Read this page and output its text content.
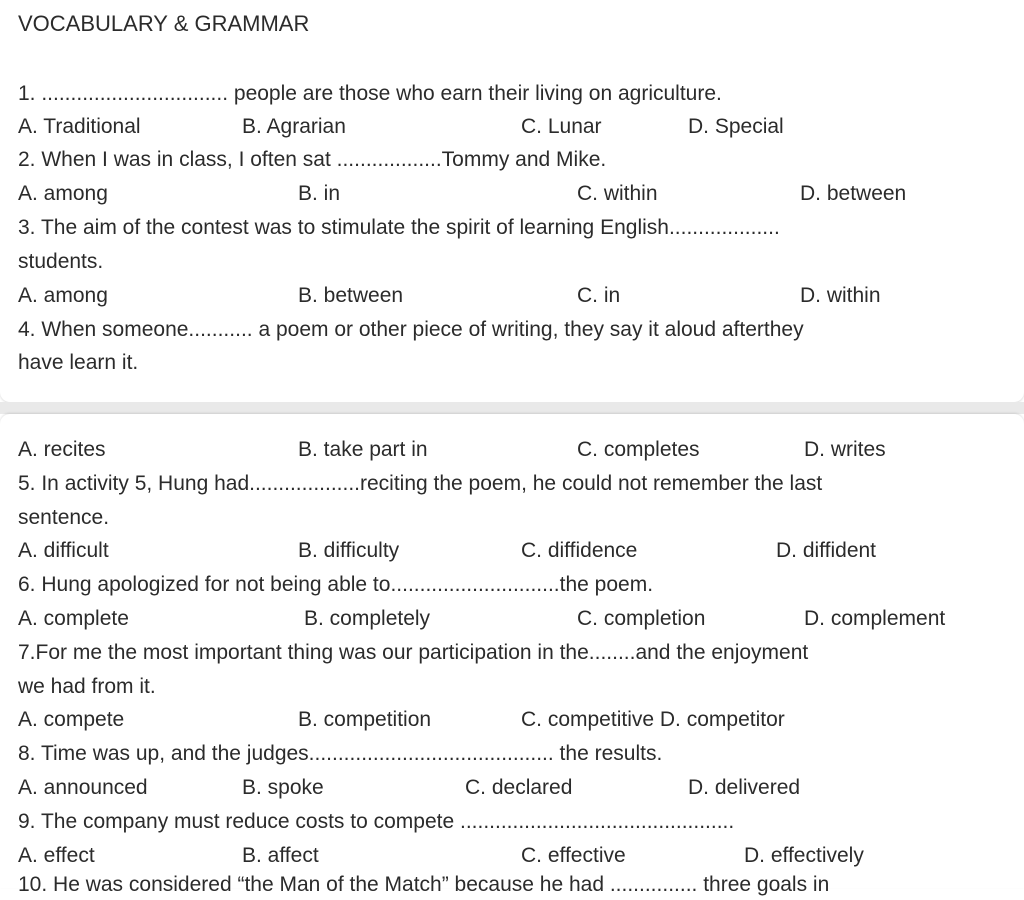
VOCABULARY & GRAMMAR
1. ................................ people are those who earn their living on agriculture.
A. Traditional	B. Agrarian	C. Lunar	D. Special
2. When I was in class, I often sat ..................Tommy and Mike.
A. among	B. in	C. within	D. between
3. The aim of the contest was to stimulate the spirit of learning English...................
students.
A. among	B. between	C. in	D. within
4. When someone........... a poem or other piece of writing, they say it aloud afterthey
have learn it.
A. recites	B. take part in	C. completes	D. writes
5. In activity 5, Hung had...................reciting the poem, he could not remember the last
sentence.
A. difficult	B. difficulty	C. diffidence	D. diffident
6. Hung apologized for not being able to.............................the poem.
A. complete	B. completely	C. completion	D. complement
7.For me the most important thing was our participation in the........and the enjoyment
we had from it.
A. compete	B. competition	C. competitive D. competitor
8. Time was up, and the judges.......................................... the results.
A. announced	B. spoke	C. declared	D. delivered
9. The company must reduce costs to compete ...............................................
A. effect	B. affect	C. effective	D. effectively
10. He was considered “the Man of the Match” because he had ............... three goals in
